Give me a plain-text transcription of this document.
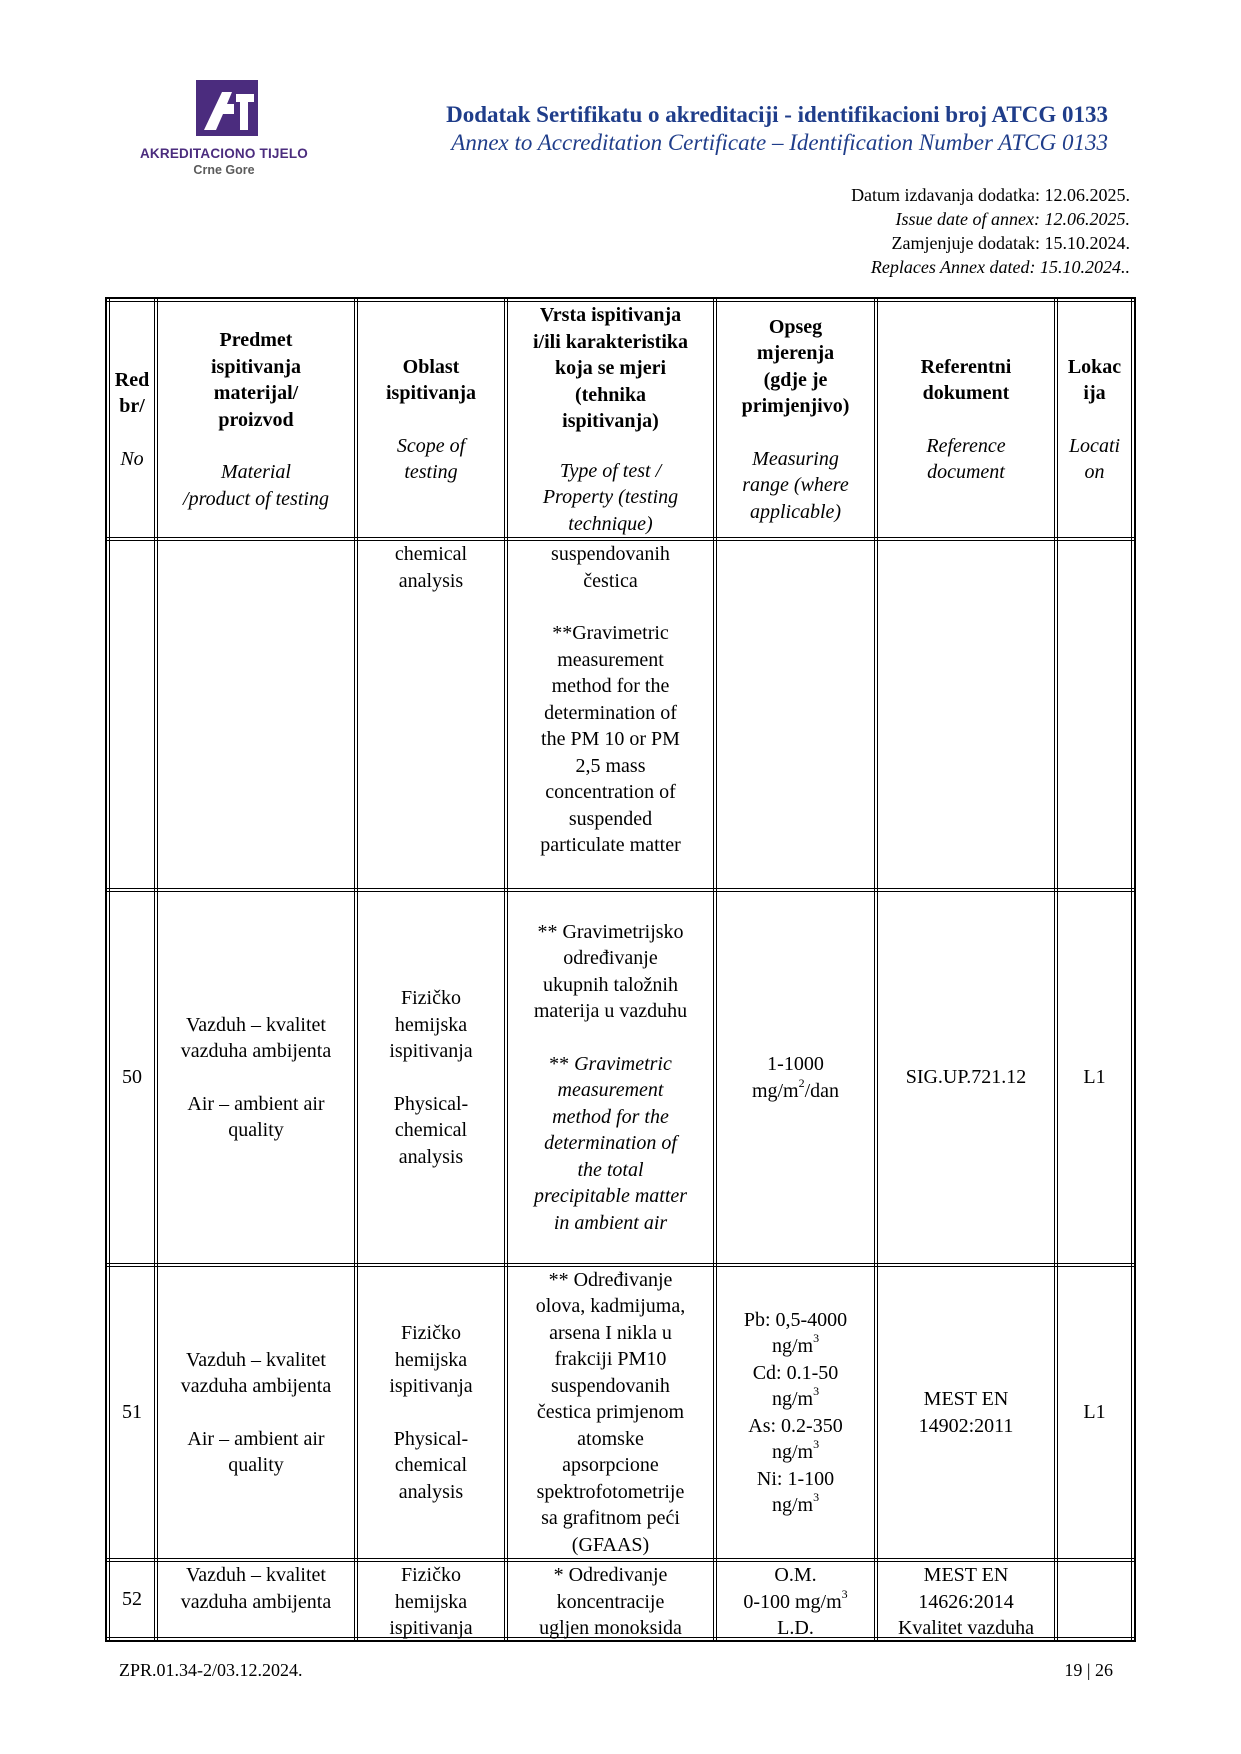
AKREDITACIONO TIJELO
Crne Gore
Dodatak Sertifikatu o akreditaciji - identifikacioni broj ATCG 0133
Annex to Accreditation Certificate – Identification Number ATCG 0133
Datum izdavanja dodatka: 12.06.2025.
Issue date of annex: 12.06.2025.
Zamjenjuje dodatak: 15.10.2024.
Replaces Annex dated: 15.10.2024..
Red
br/
No
Predmet
ispitivanja
materijal/
proizvod
Material
/product of testing
Oblast
ispitivanja
Scope of
testing
Vrsta ispitivanja
i/ili karakteristika
koja se mjeri
(tehnika
ispitivanja)
Type of test /
Property (testing
technique)
Opseg
mjerenja
(gdje je
primjenjivo)
Measuring
range (where
applicable)
Referentni
dokument
Reference
document
Lokac
ija
Locati
on
chemical
analysis
suspendovanih
čestica
**Gravimetric
measurement
method for the
determination of
the PM 10 or PM
2,5 mass
concentration of
suspended
particulate matter
50
Vazduh – kvalitet
vazduha ambijenta
Air – ambient air
quality
Fizičko
hemijska
ispitivanja
Physical-
chemical
analysis
** Gravimetrijsko
određivanje
ukupnih taložnih
materija u vazduhu
** Gravimetric
measurement
method for the
determination of
the total
precipitable matter
in ambient air
1-1000
$mg/m^2$/dan
SIG.UP.721.12	L1
51
Vazduh – kvalitet
vazduha ambijenta
Air – ambient air
quality
Fizičko
hemijska
ispitivanja
Physical-
chemical
analysis
** Određivanje
olova, kadmijuma,
arsena I nikla u
frakciji PM10
suspendovanih
čestica primjenom
atomske
apsorpcione
spektrofotometrije
sa grafitnom peći
(GFAAS)
Pb: 0,5-4000
$ng/m^3$
Cd: 0.1-50
$ng/m^3$
As: 0.2-350
$ng/m^3$
Ni: 1-100
$ng/m^3$
MEST EN
14902:2011
L1
52
Vazduh – kvalitet
vazduha ambijenta
Fizičko
hemijska
ispitivanja
* Odredivanje
koncentracije
ugljen monoksida
O.M.
0-100 $mg/m^3$
L.D.
MEST EN
14626:2014
Kvalitet vazduha
ZPR.01.34-2/03.12.2024.	19 | 26
